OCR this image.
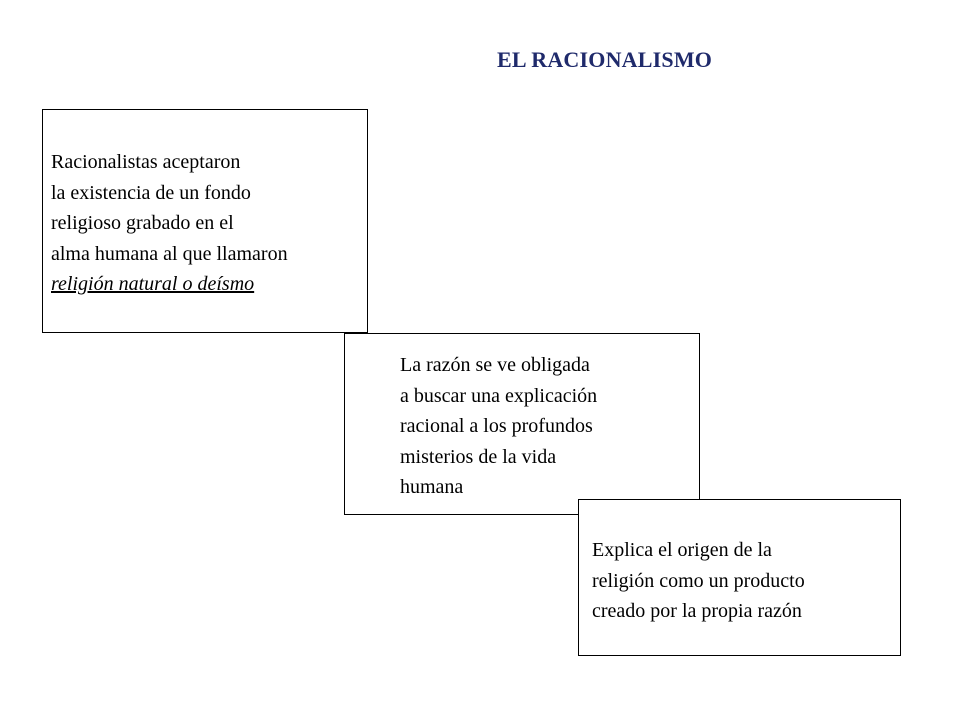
EL RACIONALISMO
Racionalistas aceptaron
la existencia de un fondo
religioso grabado en el
alma humana al que llamaron
religión natural o deísmo
La razón se ve obligada
a buscar una explicación
racional a los profundos
misterios de la vida
humana
Explica el origen de la
religión como un producto
creado por la propia razón
